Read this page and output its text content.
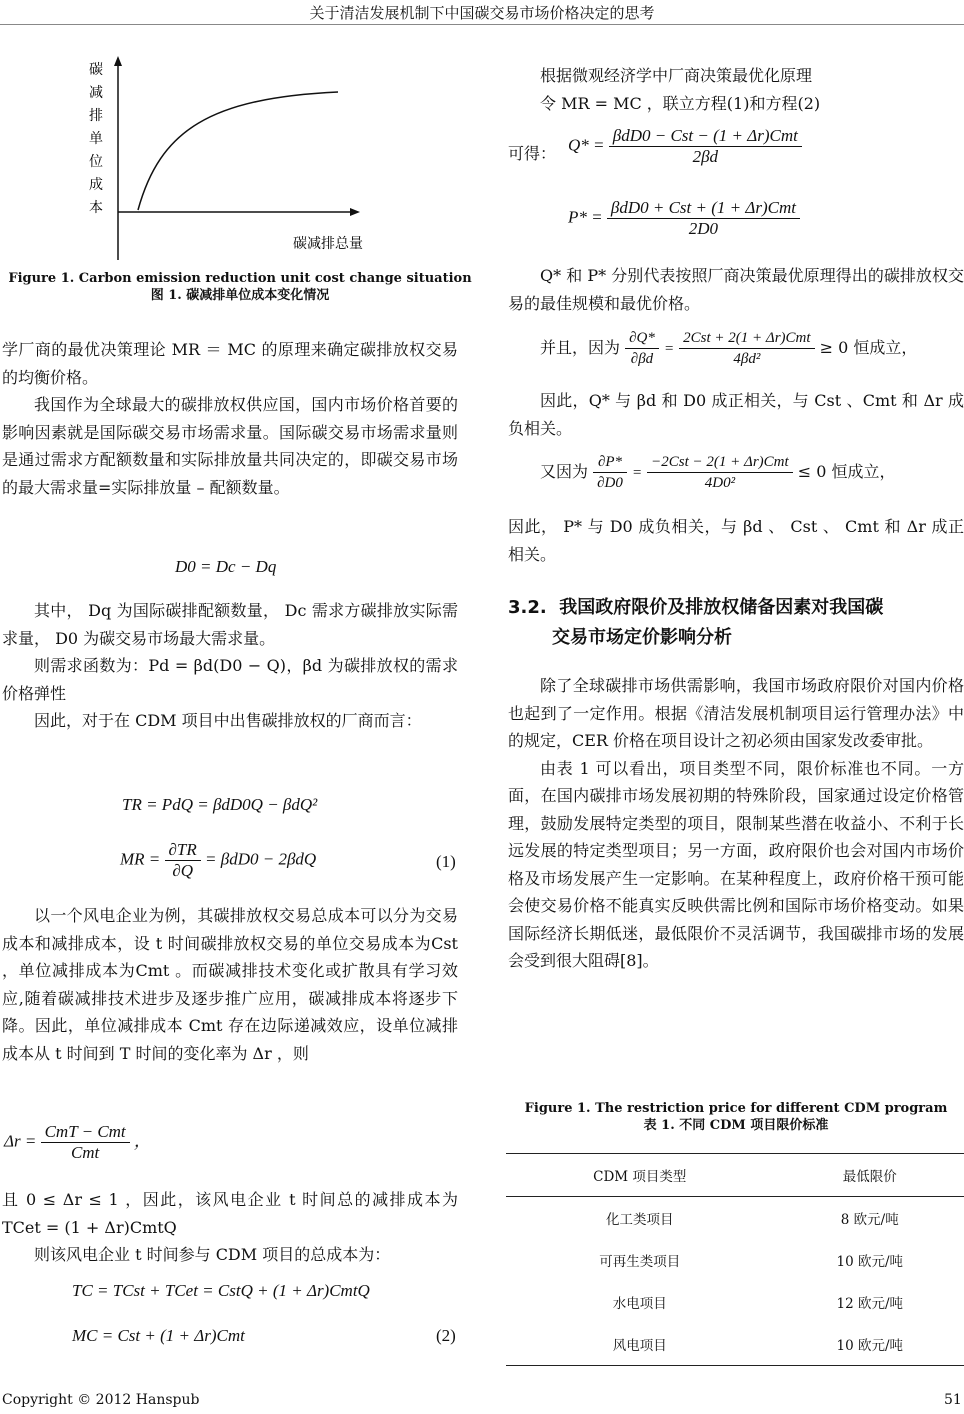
关于清洁发展机制下中国碳交易市场价格决定的思考
碳
减
排
单
位
成
本
碳减排总量
Figure 1. Carbon emission reduction unit cost change situation
图 1. 碳减排单位成本变化情况

学厂商的最优决策理论 MR ＝ MC 的原理来确定碳排放权交易的均衡价格。

我国作为全球最大的碳排放权供应国，国内市场价格首要的影响因素就是国际碳交易市场需求量。国际碳交易市场需求量则是通过需求方配额数量和实际排放量共同决定的，即碳交易市场的最大需求量=实际排放量 – 配额数量。

D0 = Dc − Dq

其中， Dq 为国际碳排配额数量， Dc 需求方碳排放实际需求量， D0 为碳交易市场最大需求量。

则需求函数为：Pd = βd(D0 − Q)，βd 为碳排放权的需求价格弹性

因此，对于在 CDM 项目中出售碳排放权的厂商而言：

TR = PdQ = βdD0Q − βdQ²
MR = $\frac{\partial TR}{\partial Q} = \beta dD0 - 2\beta dQ$	(1)

以一个风电企业为例，其碳排放权交易总成本可以分为交易成本和减排成本，设 t 时间碳排放权交易的单位交易成本为Cst ，单位减排成本为Cmt 。而碳减排技术变化或扩散具有学习效应,随着碳减排技术进步及逐步推广应用，碳减排成本将逐步下降。因此，单位减排成本 Cmt 存在边际递减效应，设单位减排成本从 t 时间到 T 时间的变化率为 Δr ，则

$\Delta r = \frac{\text{CmT − Cmt}}{\text{Cmt}}$ ，

且 0 ≤ Δr ≤ 1 ，因此，该风电企业 t 时间总的减排成本为 TCet = (1 + Δr)CmtQ

则该风电企业 t 时间参与 CDM 项目的总成本为：

TC = TCst + TCet = CstQ + (1 + Δr)CmtQ
MC = Cst + (1 + Δr)Cmt	(2)

根据微观经济学中厂商决策最优化原理

令 MR = MC ，联立方程(1)和方程(2)

可得： $Q* = \frac{\text{βdD0 − Cst − (1 + Δr)Cmt}}{2\beta d}$
$P* = \frac{\text{βdD0 + Cst + (1 + Δr)Cmt}}{2D0}$

Q* 和 P* 分别代表按照厂商决策最优原理得出的碳排放权交易的最佳规模和最优价格。

并且，因为 $\frac{\partial Q*}{\partial\beta d} = \frac{\text{2Cst + 2(1 + Δr)Cmt}}{\text{4βd²}} \ge 0$ 恒成立，

因此，Q* 与 βd 和 D0 成正相关，与 Cst 、Cmt 和 Δr 成负相关。

又因为 $\frac{\partial P*}{\partial D0} = \frac{\text{−2Cst − 2(1 + Δr)Cmt}}{\text{4D0²}} \le 0$ 恒成立，

因此， P* 与 D0 成负相关，与 βd 、 Cst 、 Cmt 和 Δr 成正相关。

3.2. 我国政府限价及排放权储备因素对我国碳
交易市场定价影响分析

除了全球碳排市场供需影响，我国市场政府限价对国内价格也起到了一定作用。根据《清洁发展机制项目运行管理办法》中的规定，CER 价格在项目设计之初必须由国家发改委审批。

由表 1 可以看出，项目类型不同，限价标准也不同。一方面，在国内碳排市场发展初期的特殊阶段，国家通过设定价格管理，鼓励发展特定类型的项目，限制某些潜在收益小、不利于长远发展的特定类型项目；另一方面，政府限价也会对国内市场价格及市场发展产生一定影响。在某种程度上，政府价格干预可能会使交易价格不能真实反映供需比例和国际市场价格变动。如果国际经济长期低迷，最低限价不灵活调节，我国碳排市场的发展会受到很大阻碍[8]。

Figure 1. The restriction price for different CDM program
表 1. 不同 CDM 项目限价标准
CDM 项目类型	最低限价
化工类项目	8 欧元/吨
可再生类项目	10 欧元/吨
水电项目	12 欧元/吨
风电项目	10 欧元/吨
Copyright © 2012 Hanspub	51
